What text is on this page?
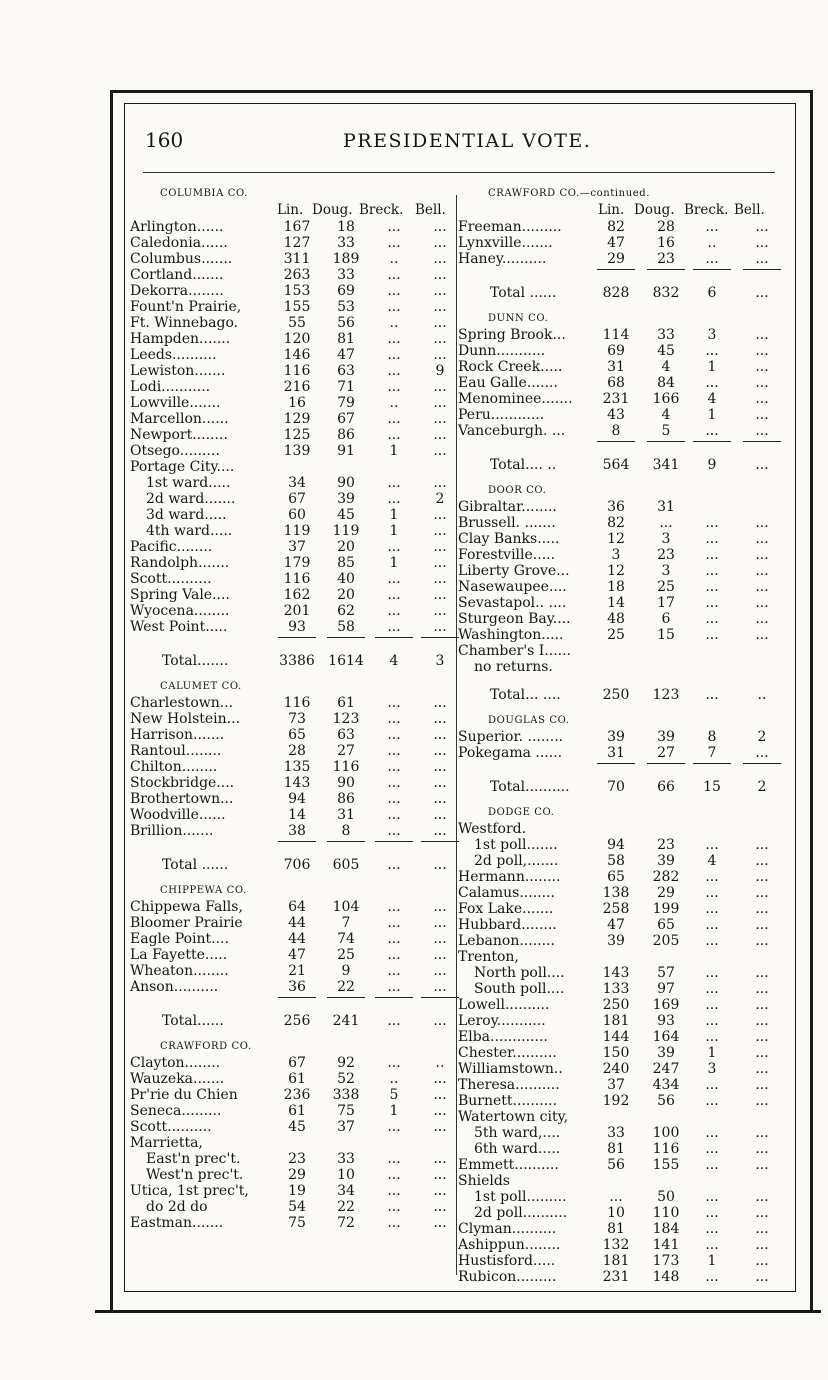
160	PRESIDENTIAL VOTE.
COLUMBIA CO.
Lin. Doug. Breck. Bell.
Arlington......	167	18	...	...
Caledonia......	127	33	...	...
Columbus.......	311	189	..	...
Cortland.......	263	33	...	...
Dekorra........	153	69	...	...
Fount'n Prairie,	155	53	...	...
Ft. Winnebago.	55	56	..	...
Hampden.......	120	81	...	...
Leeds..........	146	47	...	...
Lewiston.......	116	63	...	9
Lodi...........	216	71	...	...
Lowville.......	16	79	..	...
Marcellon......	129	67	...	...
Newport........	125	86	...	...
Otsego.........	139	91	1	...
Portage City....
1st ward.....	34	90	...	...
2d ward.......	67	39	...	2
3d ward.....	60	45	1	...
4th ward.....	119	119	1	...
Pacific........	37	20	...	...
Randolph.......	179	85	1	...
Scott..........	116	40	...	...
Spring Vale....	162	20	...	...
Wyocena........	201	62	...	...
West Point.....	93	58	...	...
Total.......	3386 1614	4	3
CALUMET CO.
Charlestown...	116	61	...	...
New Holstein...	73	123	...	...
Harrison.......	65	63	...	...
Rantoul........	28	27	...	...
Chilton........	135	116	...	...
Stockbridge....	143	90	...	...
Brothertown...	94	86	...	...
Woodville......	14	31	...	...
Brillion.......	38	8	...	...
Total ......	706	605	...	...
CHIPPEWA CO.
Chippewa Falls,	64	104	...	...
Bloomer Prairie	44	7	...	...
Eagle Point....	44	74	...	...
La Fayette.....	47	25	...	...
Wheaton........	21	9	...	...
Anson..........	36	22	...	...
Total......	256	241	...	...
CRAWFORD CO.
Clayton........	67	92	...	..
Wauzeka.......	61	52	..	...
Pr'rie du Chien	236	338	5	...
Seneca.........	61	75	1	...
Scott..........	45	37	...	...
Marrietta,
East'n prec't.	23	33	...	...
West'n prec't.	29	10	...	...
Utica, 1st prec't,	19	34	...	...
do 2d do	54	22	...	...
Eastman.......	75	72	...	...
CRAWFORD CO.—continued.
Lin. Doug. Breck. Bell.
Freeman.........	82	28	...	...
Lynxville.......	47	16	..	...
Haney..........	29	23	...	...
Total ......	828	832	6	...
DUNN CO.
Spring Brook...	114	33	3	...
Dunn...........	69	45	...	...
Rock Creek.....	31	4	1	...
Eau Galle.......	68	84	...	...
Menominee.......	231	166	4	...
Peru............	43	4	1	...
Vanceburgh. ...	8	5	...	...
Total.... ..	564	341	9	...
DOOR CO.
Gibraltar........	36	31
Brussell. .......	82	...	...	...
Clay Banks.....	12	3	...	...
Forestville.....	3	23	...	...
Liberty Grove...	12	3	...	...
Nasewaupee....	18	25	...	...
Sevastapol.. ....	14	17	...	...
Sturgeon Bay....	48	6	...	...
Washington.....	25	15	...	...
Chamber's I......
no returns.
Total... ....	250	123	...	..
DOUGLAS CO.
Superior. ........	39	39	8	2
Pokegama ......	31	27	7	...
Total..........	70	66	15	2
DODGE CO.
Westford.
1st poll.......	94	23	...	...
2d poll,.......	58	39	4	...
Hermann........	65	282	...	...
Calamus........	138	29	...	...
Fox Lake.......	258	199	...	...
Hubbard........	47	65	...	...
Lebanon........	39	205	...	...
Trenton,
North poll....	143	57	...	...
South poll....	133	97	...	...
Lowell..........	250	169	...	...
Leroy...........	181	93	...	...
Elba.............	144	164	...	...
Chester..........	150	39	1	...
Williamstown..	240	247	3	...
Theresa..........	37	434	...	...
Burnett..........	192	56	...	...
Watertown city,
5th ward,....	33	100	...	...
6th ward.....	81	116	...	...
Emmett..........	56	155	...	...
Shields
1st poll.........	...	50	...	...
2d poll..........	10	110	...	...
Clyman..........	81	184	...	...
Ashippun........	132	141	...	...
Hustisford.....	181	173	1	...
Rubicon.........	231	148	...	...
